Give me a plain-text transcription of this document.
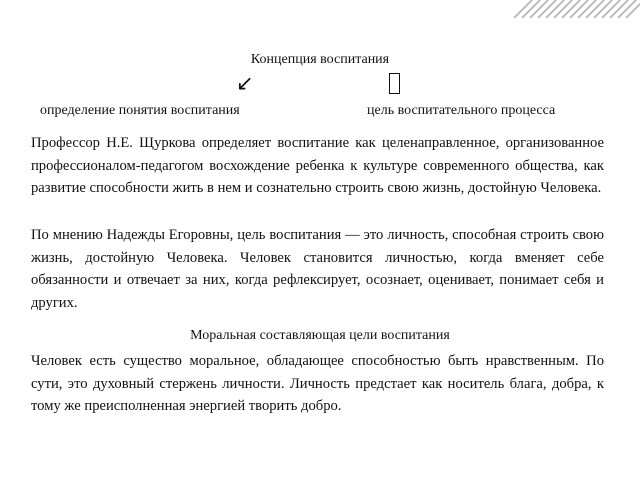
Концепция воспитания
↙
определение понятия воспитания	цель воспитательного процесса

Профессор Н.Е. Щуркова определяет воспитание как целенаправленное, организованное профессионалом-педагогом восхождение ребенка к культуре современного общества, как развитие способности жить в нем и сознательно строить свою жизнь, достойную Человека.

По мнению Надежды Егоровны, цель воспитания — это личность, способная строить свою жизнь, достойную Человека. Человек становится личностью, когда вменяет себе обязанности и отвечает за них, когда рефлексирует, осознает, оценивает, понимает себя и других.

Моральная составляющая цели воспитания

Человек есть существо моральное, обладающее способностью быть нравственным. По сути, это духовный стержень личности. Личность предстает как носитель блага, добра, к тому же преисполненная энергией творить добро.
